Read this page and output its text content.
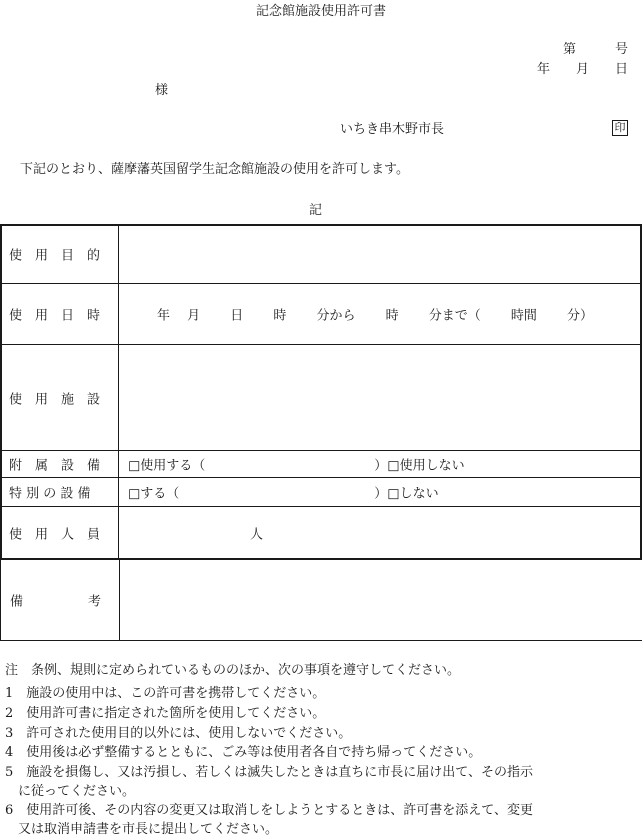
記念館施設使用許可書
第　　　号
年　　月　　日
様
いちき串木野市長	印
下記のとおり、薩摩藩英国留学生記念館施設の使用を許可します。
記
使　用　目　的
使　用　日　時	年　 月　 　日　 　時　 　分から　 　時　 　分まで（　 　時間　 　分）
使　用　施　設
附　属　設　備 □使用する（　　　　　　　　　　　　　）□使用しない
特 別 の 設 備	□する（　　　　　　　　　　　　　　　）□しない
使　用　人　員	人
備　　　　　考
注　条例、規則に定められているもののほか、次の事項を遵守してください。
1　施設の使用中は、この許可書を携帯してください。
2　使用許可書に指定された箇所を使用してください。
3　許可された使用目的以外には、使用しないでください。
4　使用後は必ず整備するとともに、ごみ等は使用者各自で持ち帰ってください。
5　施設を損傷し、又は汚損し、若しくは滅失したときは直ちに市長に届け出て、その指示
　に従ってください。
6　使用許可後、その内容の変更又は取消しをしようとするときは、許可書を添えて、変更
　又は取消申請書を市長に提出してください。
